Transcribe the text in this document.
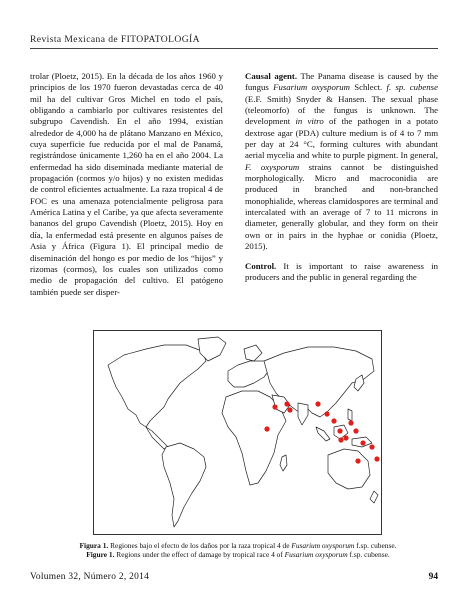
Revista Mexicana de FITOPATOLOGÍA

trolar (Ploetz, 2015). En la década de los años 1960 y principios de los 1970 fueron devastadas cerca de 40 mil ha del cultivar Gros Michel en todo el país, obligando a cambiarlo por cultivares resistentes del subgrupo Cavendish. En el año 1994, existían alrededor de 4,000 ha de plátano Manzano en México, cuya superficie fue reducida por el mal de Panamá, registrándose únicamente 1,260 ha en el año 2004. La enfermedad ha sido diseminada mediante material de propagación (cormos y/o hijos) y no existen medidas de control eficientes actualmente. La raza tropical 4 de FOC es una amenaza potencialmente peligrosa para América Latina y el Caribe, ya que afecta severamente bananos del grupo Cavendish (Ploetz, 2015). Hoy en día, la enfermedad está presente en algunos países de Asia y África (Figura 1). El principal medio de diseminación del hongo es por medio de los “hijos” y rizomas (cormos), los cuales son utilizados como medio de propagación del cultivo. El patógeno también puede ser disper-

Causal agent. The Panama disease is caused by the fungus Fusarium oxysporum Schlect. f. sp. cubense (E.F. Smith) Snyder & Hansen. The sexual phase (teleomorfo) of the fungus is unknown. The development in vitro of the pathogen in a potato dextrose agar (PDA) culture medium is of 4 to 7 mm per day at 24 °C, forming cultures with abundant aerial mycelia and white to purple pigment. In general, F. oxysporum strains cannot be distinguished morphologically. Micro and macroconidia are produced in branched and non-branched monophialide, whereas clamidospores are terminal and intercalated with an average of 7 to 11 microns in diameter, generally globular, and they form on their own or in pairs in the hyphae or conidia (Ploetz, 2015).

Control. It is important to raise awareness in producers and the public in general regarding the

Figura 1. Regiones bajo el efecto de los daños por la raza tropical 4 de Fusarium oxysporum f.sp. cubense.
Figure 1. Regions under the effect of damage by tropical race 4 of Fusarium oxysporum f.sp. cubense.
Volumen 32, Número 2, 2014	94
